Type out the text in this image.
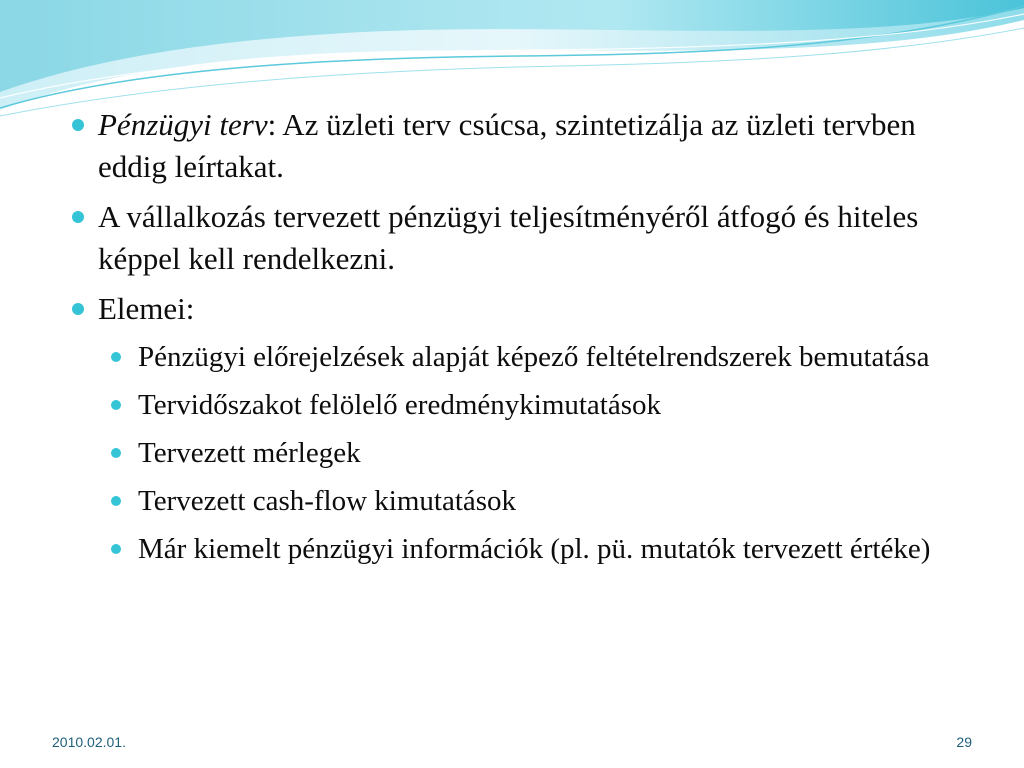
Pénzügyi terv: Az üzleti terv csúcsa, szintetizálja az üzleti tervben eddig leírtakat.
A vállalkozás tervezett pénzügyi teljesítményéről átfogó és hiteles képpel kell rendelkezni.
Elemei:
Pénzügyi előrejelzések alapját képező feltételrendszerek bemutatása
Tervidőszakot felölelő eredménykimutatások
Tervezett mérlegek
Tervezett cash-flow kimutatások
Már kiemelt pénzügyi információk (pl. pü. mutatók tervezett értéke)
2010.02.01.	29
